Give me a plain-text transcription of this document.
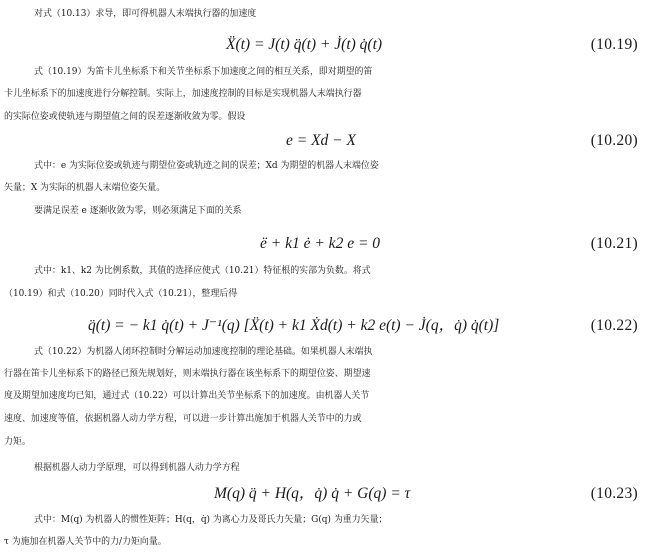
对式（10.13）求导，即可得机器人末端执行器的加速度
Ẍ(t) = J(t) q̈(t) + J̇(t) q̇(t)	(10.19)
式（10.19）为笛卡儿坐标系下和关节坐标系下加速度之间的相互关系，即对期望的笛
卡儿坐标系下的加速度进行分解控制。实际上，加速度控制的目标是实现机器人末端执行器
的实际位姿或使轨迹与期望值之间的误差逐渐收敛为零。假设
e = Xd − X	(10.20)
式中：e 为实际位姿或轨迹与期望位姿或轨迹之间的误差；Xd 为期望的机器人末端位姿
矢量；X 为实际的机器人末端位姿矢量。
要满足误差 e 逐渐收敛为零，则必须满足下面的关系
ë + k1 ė + k2 e = 0	(10.21)
式中：k1、k2 为比例系数，其值的选择应使式（10.21）特征根的实部为负数。将式
（10.19）和式（10.20）同时代入式（10.21），整理后得
q̈(t) = − k1 q̇(t) + J⁻¹(q) [Ẍ(t) + k1 Ẋd(t) + k2 e(t) − J̇(q，q̇) q̇(t)]	(10.22)
式（10.22）为机器人闭环控制时分解运动加速度控制的理论基础。如果机器人末端执
行器在笛卡儿坐标系下的路径已预先规划好，则末端执行器在该坐标系下的期望位姿、期望速
度及期望加速度均已知，通过式（10.22）可以计算出关节坐标系下的加速度。由机器人关节
速度、加速度等值，依据机器人动力学方程，可以进一步计算出施加于机器人关节中的力或
力矩。
根据机器人动力学原理，可以得到机器人动力学方程
M(q) q̈ + H(q，q̇) q̇ + G(q) = τ	(10.23)
式中：M(q) 为机器人的惯性矩阵；H(q，q̇) 为离心力及哥氏力矢量；G(q) 为重力矢量；
τ 为施加在机器人关节中的力/力矩向量。
